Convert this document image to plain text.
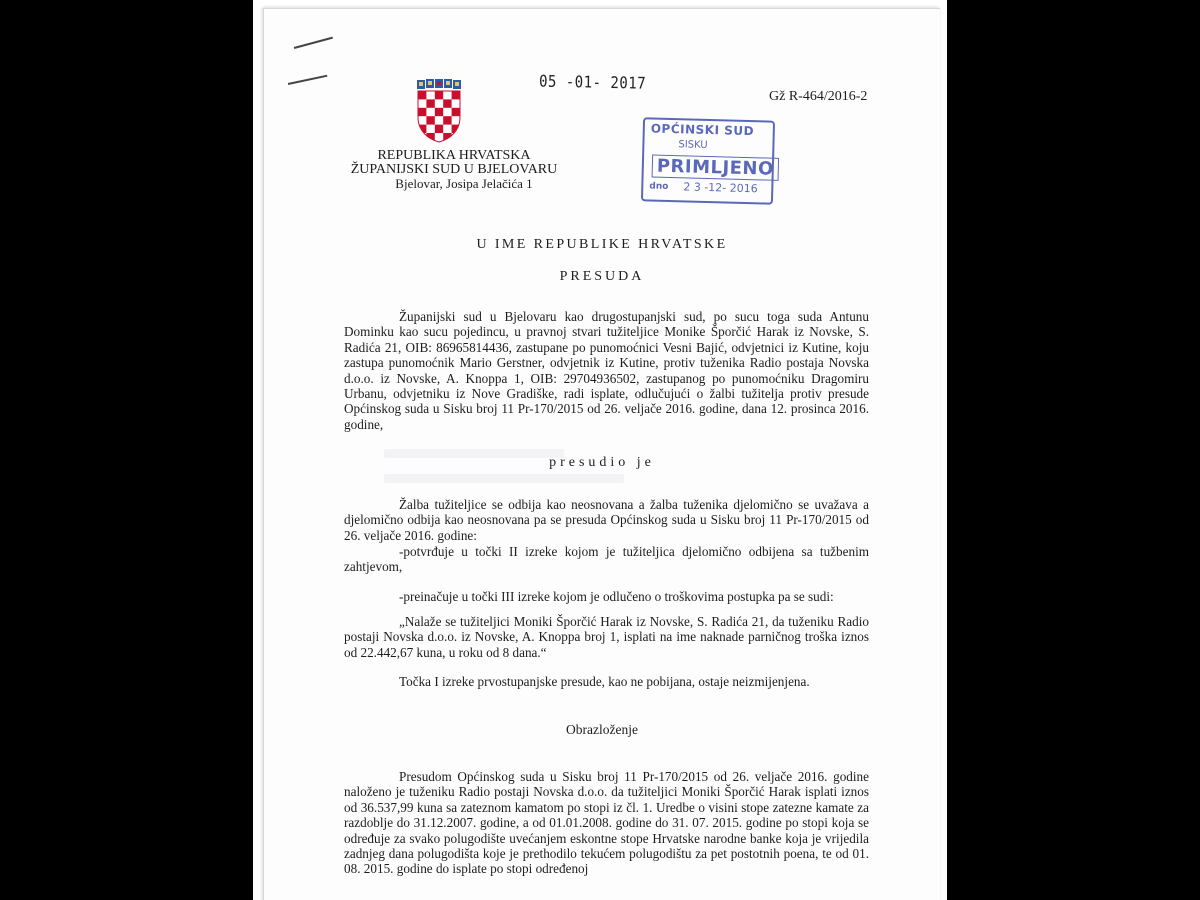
05 -01- 2017
Gž R-464/2016-2
OPĆINSKI SUD
SISKU
PRIMLJENO
dno 2 3 -12- 2016
REPUBLIKA HRVATSKA
ŽUPANIJSKI SUD U BJELOVARU
Bjelovar, Josipa Jelačića 1
U IME REPUBLIKE HRVATSKE
PRESUDA
Županijski sud u Bjelovaru kao drugostupanjski sud, po sucu toga suda Antunu Dominku kao sucu pojedincu, u pravnoj stvari tužiteljice Monike Šporčić Harak iz Novske, S. Radića 21, OIB: 86965814436, zastupane po punomoćnici Vesni Bajić, odvjetnici iz Kutine, koju zastupa punomoćnik Mario Gerstner, odvjetnik iz Kutine, protiv tuženika Radio postaja Novska d.o.o. iz Novske, A. Knoppa 1, OIB: 29704936502, zastupanog po punomoćniku Dragomiru Urbanu, odvjetniku iz Nove Gradiške, radi isplate, odlučujući o žalbi tužitelja protiv presude Općinskog suda u Sisku broj 11 Pr-170/2015 od 26. veljače 2016. godine, dana 12. prosinca 2016. godine,
presudio je
Žalba tužiteljice se odbija kao neosnovana a žalba tuženika djelomično se uvažava a djelomično odbija kao neosnovana pa se presuda Općinskog suda u Sisku broj 11 Pr-170/2015 od 26. veljače 2016. godine:
-potvrđuje u točki II izreke kojom je tužiteljica djelomično odbijena sa tužbenim zahtjevom,
-preinačuje u točki III izreke kojom je odlučeno o troškovima postupka pa se sudi:
„Nalaže se tužiteljici Moniki Šporčić Harak iz Novske, S. Radića 21, da tuženiku Radio postaji Novska d.o.o. iz Novske, A. Knoppa broj 1, isplati na ime naknade parničnog troška iznos od 22.442,67 kuna, u roku od 8 dana.“
Točka I izreke prvostupanjske presude, kao ne pobijana, ostaje neizmijenjena.
Obrazloženje
Presudom Općinskog suda u Sisku broj 11 Pr-170/2015 od 26. veljače 2016. godine naloženo je tuženiku Radio postaji Novska d.o.o. da tužiteljici Moniki Šporčić Harak isplati iznos od 36.537,99 kuna sa zateznom kamatom po stopi iz čl. 1. Uredbe o visini stope zatezne kamate za razdoblje do 31.12.2007. godine, a od 01.01.2008. godine do 31. 07. 2015. godine po stopi koja se određuje za svako polugodište uvećanjem eskontne stope Hrvatske narodne banke koja je vrijedila zadnjeg dana polugodišta koje je prethodilo tekućem polugodištu za pet postotnih poena, te od 01. 08. 2015. godine do isplate po stopi određenoj
